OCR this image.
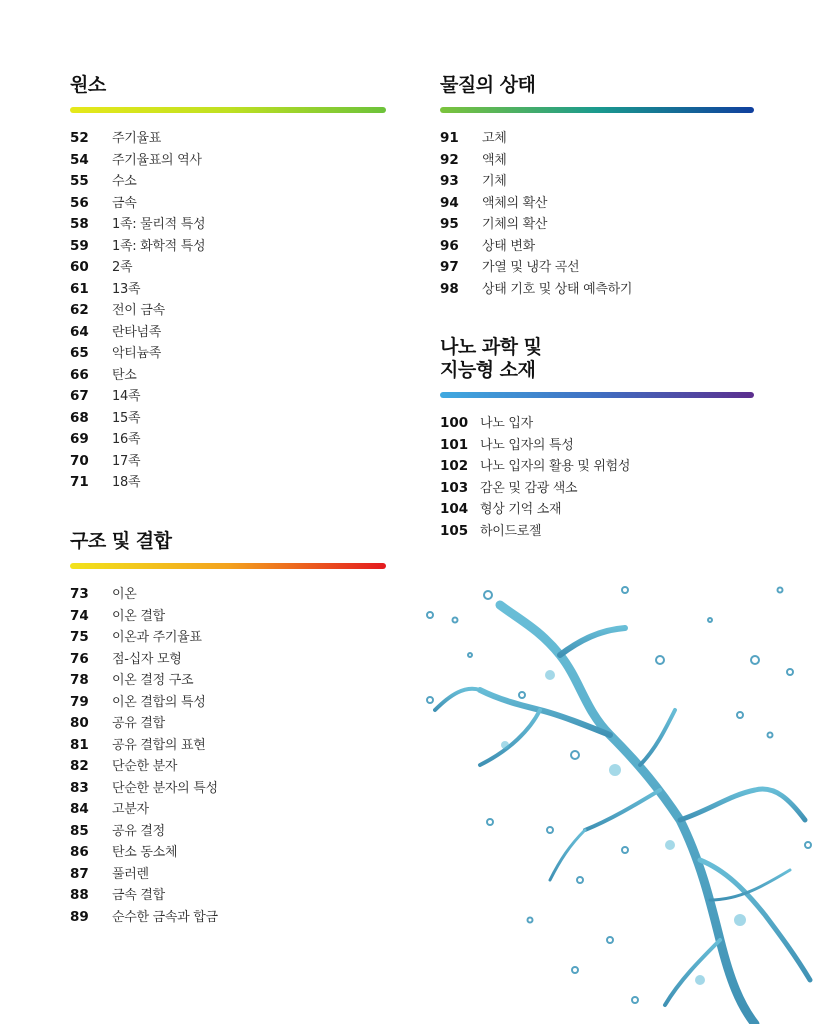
원소
52	주기율표
54	주기율표의 역사
55	수소
56	금속
58	1족: 물리적 특성
59	1족: 화학적 특성
60	2족
61	13족
62	전이 금속
64	란타넘족
65	악티늄족
66	탄소
67	14족
68	15족
69	16족
70	17족
71	18족
구조 및 결합
73	이온
74	이온 결합
75	이온과 주기율표
76	점-십자 모형
78	이온 결정 구조
79	이온 결합의 특성
80	공유 결합
81	공유 결합의 표현
82	단순한 분자
83	단순한 분자의 특성
84	고분자
85	공유 결정
86	탄소 동소체
87	풀러렌
88	금속 결합
89	순수한 금속과 합금
물질의 상태
91	고체
92	액체
93	기체
94	액체의 확산
95	기체의 확산
96	상태 변화
97	가열 및 냉각 곡선
98	상태 기호 및 상태 예측하기
나노 과학 및
지능형 소재
100 나노 입자
101 나노 입자의 특성
102 나노 입자의 활용 및 위험성
103 감온 및 감광 색소
104 형상 기억 소재
105 하이드로젤
